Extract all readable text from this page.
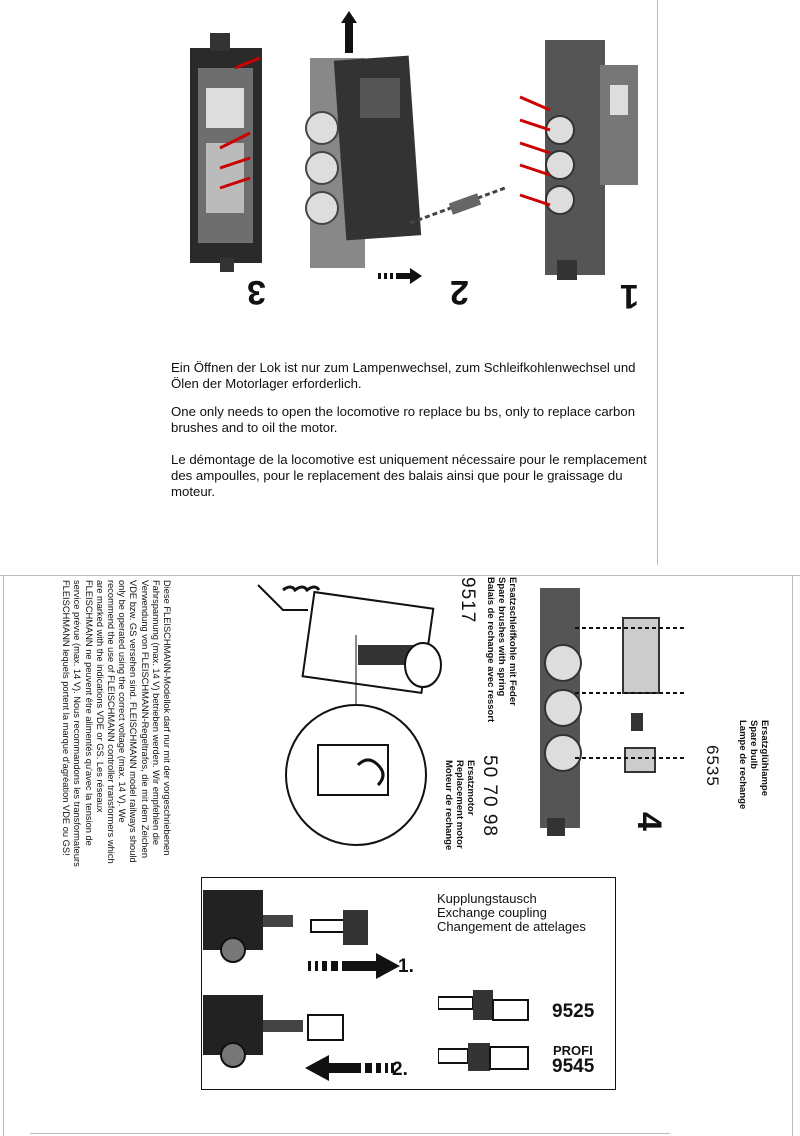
3	2	1
Ein Öffnen der Lok ist nur zum Lampenwechsel, zum Schleifkohlenwechsel und Ölen der Motorlager erforderlich.
One only needs to open the locomotive ro replace bu bs, only to replace carbon brushes and to oil the motor.
Le démontage de la locomotive est uniquement nécessaire pour le remplacement des ampoulles, pour le replacement des balais ainsi que pour le graissage du moteur.
Ersatzglühlampe
Spare bulb
Lampe de rechange
6535
4
Ersatzschleifkohle mit Feder
Spare brushes with spring
Balais de rechange avec ressort
9517
Ersatzmotor
Replacement motor
Moteur de rechange 50 70 98
Diese FLEISCHMANN-Modellok darf nur mit der vorgeschriebenen Fahrspannung (max. 14 V) betrieben werden. Wir empfehlen die Verwendung von FLEISCHMANN-Regeltrafos, die mit dem Zeichen VDE bzw. GS versehen sind. FLEISCHMANN model railways should only be operated using the correct voltage (max. 14 V). We recommend the use of FLEISCHMANN controller transformers which are marked with the indications VDE or GS. Les réseaux FLEISCHMANN ne peuvent être alimentés qu'avec la tension de service prévue (max. 14 V). Nous recommandons les transformateurs FLEISCHMANN lequels portent la marque d'agréation VDE ou GS!
Kupplungstausch
Exchange coupling
Changement de attelages
1.
2.
9525
PROFI
9545
